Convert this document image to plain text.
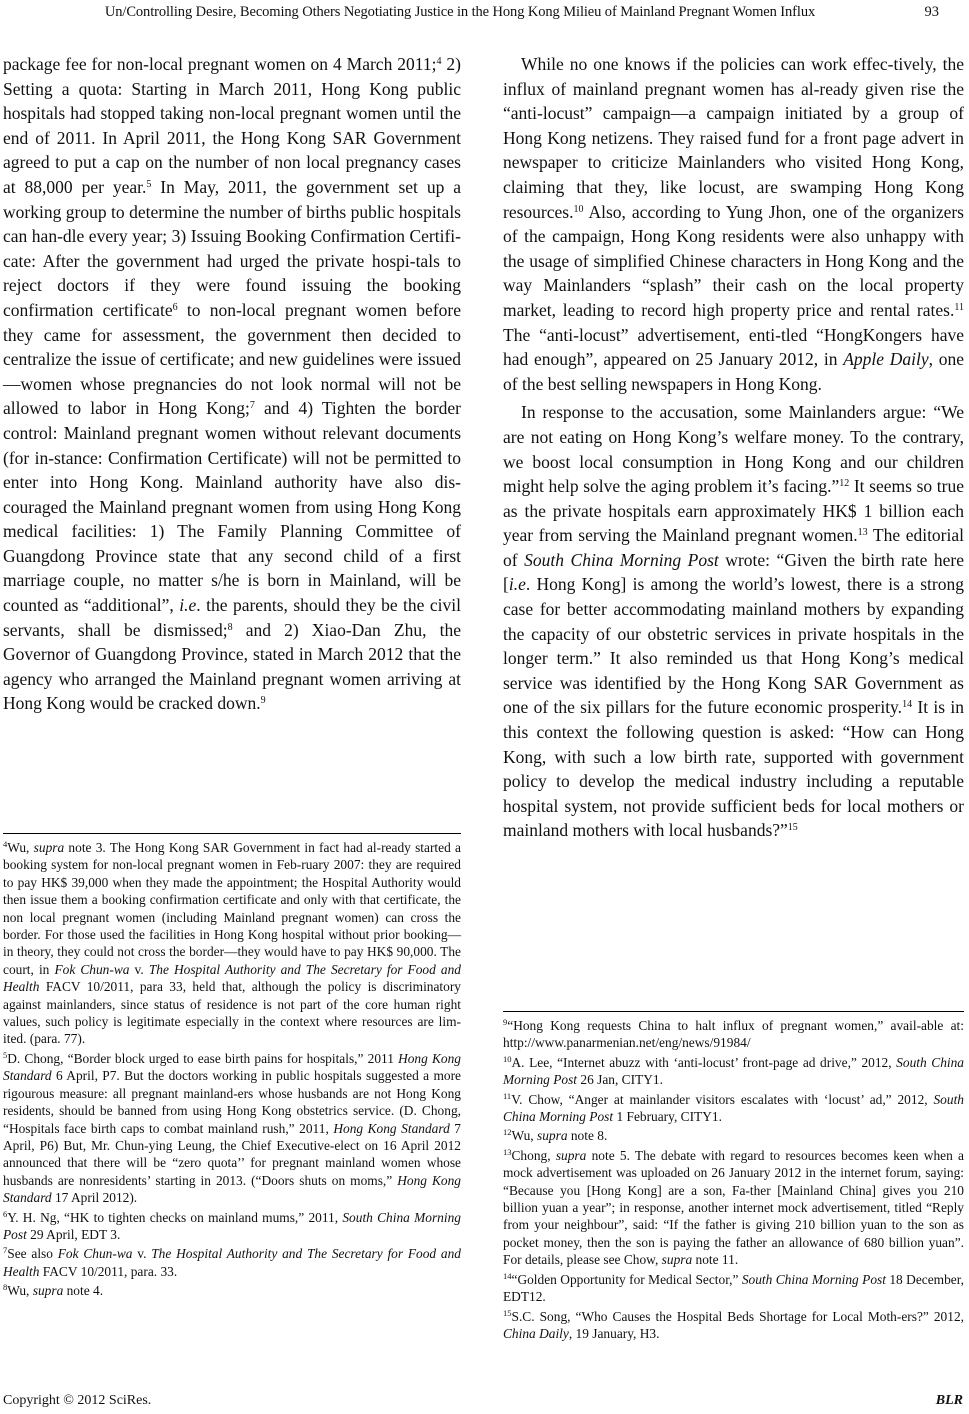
Un/Controlling Desire, Becoming Others Negotiating Justice in the Hong Kong Milieu of Mainland Pregnant Women Influx	93

package fee for non-local pregnant women on 4 March 2011;$^4$ 2) Setting a quota: Starting in March 2011, Hong Kong public hospitals had stopped taking non-local pregnant women until the end of 2011. In April 2011, the Hong Kong SAR Government agreed to put a cap on the number of non local pregnancy cases at 88,000 per year.$^5$ In May, 2011, the government set up a working group to determine the number of births public hospitals can han-dle every year; 3) Issuing Booking Confirmation Certifi-cate: After the government had urged the private hospi-tals to reject doctors if they were found issuing the booking confirmation certificate$^6$ to non-local pregnant women before they came for assessment, the government then decided to centralize the issue of certificate; and new guidelines were issued—women whose pregnancies do not look normal will not be allowed to labor in Hong Kong;$^7$ and 4) Tighten the border control: Mainland pregnant women without relevant documents (for in-stance: Confirmation Certificate) will not be permitted to enter into Hong Kong. Mainland authority have also dis-couraged the Mainland pregnant women from using Hong Kong medical facilities: 1) The Family Planning Committee of Guangdong Province state that any second child of a first marriage couple, no matter s/he is born in Mainland, will be counted as “additional”, i.e. the parents, should they be the civil servants, shall be dismissed;$^8$ and 2) Xiao-Dan Zhu, the Governor of Guangdong Province, stated in March 2012 that the agency who arranged the Mainland pregnant women arriving at Hong Kong would be cracked down.$^9$

$^4$Wu, supra note 3. The Hong Kong SAR Government in fact had al-ready started a booking system for non-local pregnant women in Feb-ruary 2007: they are required to pay HK$ 39,000 when they made the appointment; the Hospital Authority would then issue them a booking confirmation certificate and only with that certificate, the non local pregnant women (including Mainland pregnant women) can cross the border. For those used the facilities in Hong Kong hospital without prior booking—in theory, they could not cross the border—they would have to pay HK$ 90,000. The court, in Fok Chun-wa v. The Hospital Authority and The Secretary for Food and Health FACV 10/2011, para 33, held that, although the policy is discriminatory against mainlanders, since status of residence is not part of the core human right values, such policy is legitimate especially in the context where resources are lim-ited. (para. 77).

$^5$D. Chong, “Border block urged to ease birth pains for hospitals,” 2011 Hong Kong Standard 6 April, P7. But the doctors working in public hospitals suggested a more rigourous measure: all pregnant mainland-ers whose husbands are not Hong Kong residents, should be banned from using Hong Kong obstetrics service. (D. Chong, “Hospitals face birth caps to combat mainland rush,” 2011, Hong Kong Standard 7 April, P6) But, Mr. Chun-ying Leung, the Chief Executive-elect on 16 April 2012 announced that there will be “zero quota’’ for pregnant mainland women whose husbands are nonresidents’ starting in 2013. (“Doors shuts on moms,” Hong Kong Standard 17 April 2012).

$^6$Y. H. Ng, “HK to tighten checks on mainland mums,” 2011, South China Morning Post 29 April, EDT 3.

$^7$See also Fok Chun-wa v. The Hospital Authority and The Secretary for Food and Health FACV 10/2011, para. 33.

$^8$Wu, supra note 4.

While no one knows if the policies can work effec-tively, the influx of mainland pregnant women has al-ready given rise the “anti-locust” campaign—a campaign initiated by a group of Hong Kong netizens. They raised fund for a front page advert in newspaper to criticize Mainlanders who visited Hong Kong, claiming that they, like locust, are swamping Hong Kong resources.$^{10}$ Also, according to Yung Jhon, one of the organizers of the campaign, Hong Kong residents were also unhappy with the usage of simplified Chinese characters in Hong Kong and the way Mainlanders “splash” their cash on the local property market, leading to record high property price and rental rates.$^{11}$ The “anti-locust” advertisement, enti-tled “HongKongers have had enough”, appeared on 25 January 2012, in Apple Daily, one of the best selling newspapers in Hong Kong.

In response to the accusation, some Mainlanders argue: “We are not eating on Hong Kong’s welfare money. To the contrary, we boost local consumption in Hong Kong and our children might help solve the aging problem it’s facing.”$^{12}$ It seems so true as the private hospitals earn approximately HK$ 1 billion each year from serving the Mainland pregnant women.$^{13}$ The editorial of South China Morning Post wrote: “Given the birth rate here [i.e. Hong Kong] is among the world’s lowest, there is a strong case for better accommodating mainland mothers by expanding the capacity of our obstetric services in private hospitals in the longer term.” It also reminded us that Hong Kong’s medical service was identified by the Hong Kong SAR Government as one of the six pillars for the future economic prosperity.$^{14}$ It is in this context the following question is asked: “How can Hong Kong, with such a low birth rate, supported with government policy to develop the medical industry including a reputable hospital system, not provide sufficient beds for local mothers or mainland mothers with local husbands?”$^{15}$

$^9$“Hong Kong requests China to halt influx of pregnant women,” avail-able at: http://www.panarmenian.net/eng/news/91984/

$^{10}$A. Lee, “Internet abuzz with ‘anti-locust’ front-page ad drive,” 2012, South China Morning Post 26 Jan, CITY1.

$^{11}$V. Chow, “Anger at mainlander visitors escalates with ‘locust’ ad,” 2012, South China Morning Post 1 February, CITY1.

$^{12}$Wu, supra note 8.

$^{13}$Chong, supra note 5. The debate with regard to resources becomes keen when a mock advertisement was uploaded on 26 January 2012 in the internet forum, saying: “Because you [Hong Kong] are a son, Fa-ther [Mainland China] gives you 210 billion yuan a year”; in response, another internet mock advertisement, titled “Reply from your neighbour”, said: “If the father is giving 210 billion yuan to the son as pocket money, then the son is paying the father an allowance of 680 billion yuan”. For details, please see Chow, supra note 11.

$^{14}$“Golden Opportunity for Medical Sector,” South China Morning Post 18 December, EDT12.

$^{15}$S.C. Song, “Who Causes the Hospital Beds Shortage for Local Moth-ers?” 2012, China Daily, 19 January, H3.

Copyright © 2012 SciRes.	BLR
